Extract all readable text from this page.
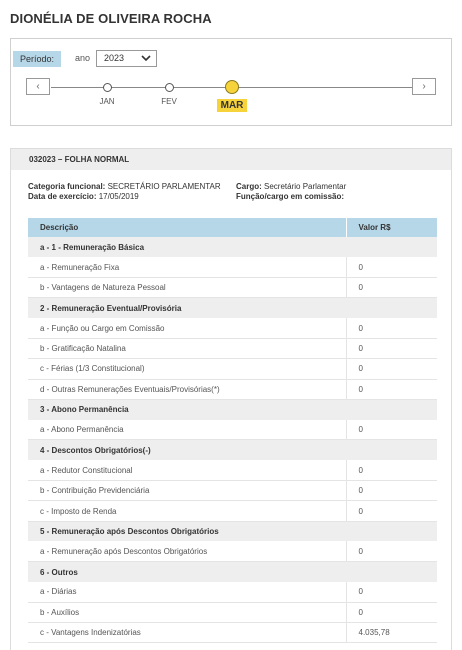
DIONÉLIA DE OLIVEIRA ROCHA
Período:	ano	2023
‹
JAN	FEV	MAR
›
032023 – FOLHA NORMAL
Categoria funcional: SECRETÁRIO PARLAMENTAR
Data de exercício: 17/05/2019
Cargo: Secretário Parlamentar
Função/cargo em comissão:
Descrição	Valor R$
a - 1 - Remuneração Básica	
a - Remuneração Fixa	0
b - Vantagens de Natureza Pessoal	0
2 - Remuneração Eventual/Provisória	
a - Função ou Cargo em Comissão	0
b - Gratificação Natalina	0
c - Férias (1/3 Constitucional)	0
d - Outras Remunerações Eventuais/Provisórias(*)	0
3 - Abono Permanência	
a - Abono Permanência	0
4 - Descontos Obrigatórios(-)	
a - Redutor Constitucional	0
b - Contribuição Previdenciária	0
c - Imposto de Renda	0
5 - Remuneração após Descontos Obrigatórios	
a - Remuneração após Descontos Obrigatórios	0
6 - Outros	
a - Diárias	0
b - Auxílios	0
c - Vantagens Indenizatórias	4.035,78
